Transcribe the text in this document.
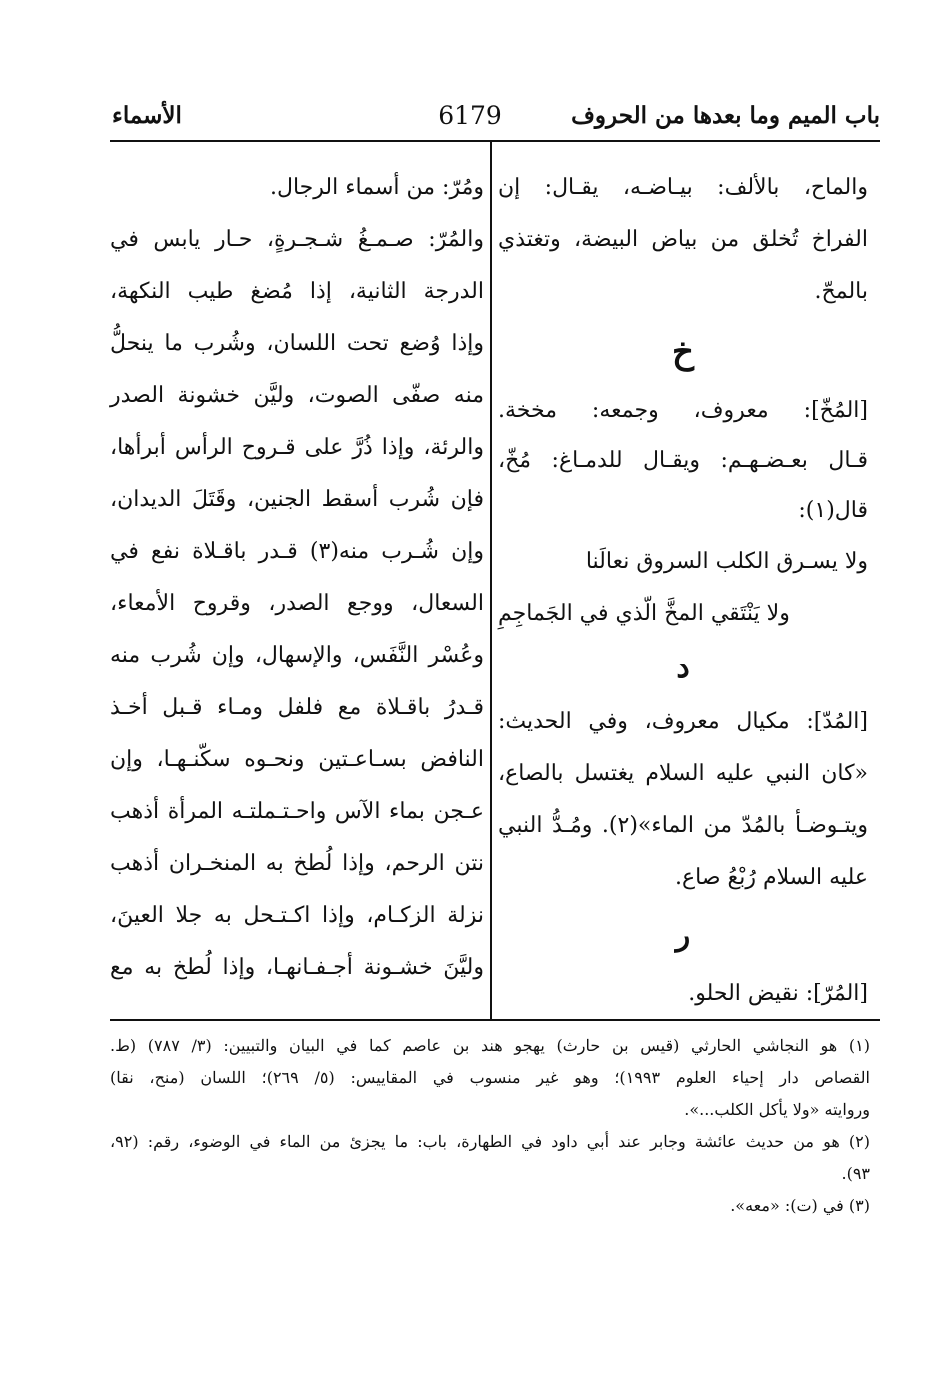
باب الميم وما بعدها من الحروف
6179
الأسماء
والماح، بالألف: بيـاضـه، يقـال: إن
الفراخ تُخلق من بياض البيضة، وتغتذي
بالمحّ.
خ
[المُخّ]: معروف، وجمعه: مخخة.
قـال بعـضـهـم: ويقـال للدمـاغ: مُخّ،
قال(١):
ولا يسـرق الكلب السروق نعالَنا
ولا يَنْتَقي المخَّ الّذي في الجَماجِمِ
د
[المُدّ]: مكيال معروف، وفي الحديث:
«كان النبي عليه السلام يغتسل بالصاع،
ويتـوضـأ بالمُدّ من الماء»(٢). ومُـدُّ النبي
عليه السلام رُبْعُ صاع.
ر
[المُرّ]: نقيض الحلو.
ومُرّ: من أسماء الرجال.
والمُرّ: صـمـغُ شـجـرةٍ، حـار يابس في
الدرجة الثانية، إذا مُضغ طيب النكهة،
وإذا وُضع تحت اللسان، وشُرب ما ينحلُّ
منه صفّى الصوت، وليَّن خشونة الصدر
والرئة، وإذا ذُرَّ على قـروح الرأس أبرأها،
فإن شُرب أسقط الجنين، وقَتَلَ الديدان،
وإن شُـرب منه(٣) قـدر باقـلاة نفع في
السعال، ووجع الصدر، وقروح الأمعاء،
وعُسْر النَّفَس، والإسهال، وإن شُرب منه
قـدرُ باقـلاة مع فلفل ومـاء قـبل أخـذ
النافض بسـاعـتين ونحـوه سكّنـهـا، وإن
عـجن بماء الآس واحـتـملتـه المرأة أذهب
نتن الرحم، وإذا لُطخ به المنخـران أذهب
نزلة الزكـام، وإذا اكـتـحل به جلا العينَ،
وليَّنَ خشـونة أجـفـانهـا، وإذا لُطخ به مع
(١) هو النجاشي الحارثي (قيس بن حارث) يهجو هند بن عاصم كما في البيان والتبيين: (٣/ ٧٨٧) (ط.
القصاص دار إحياء العلوم ١٩٩٣)؛ وهو غير منسوب في المقاييس: (٥/ ٢٦٩)؛ اللسان (منح، نقا)
وروايته «ولا يأكل الكلب...».
(٢) هو من حديث عائشة وجابر عند أبي داود في الطهارة، باب: ما يجزئ من الماء في الوضوء، رقم: (٩٢،
٩٣).
(٣) في (ت): «معه».
